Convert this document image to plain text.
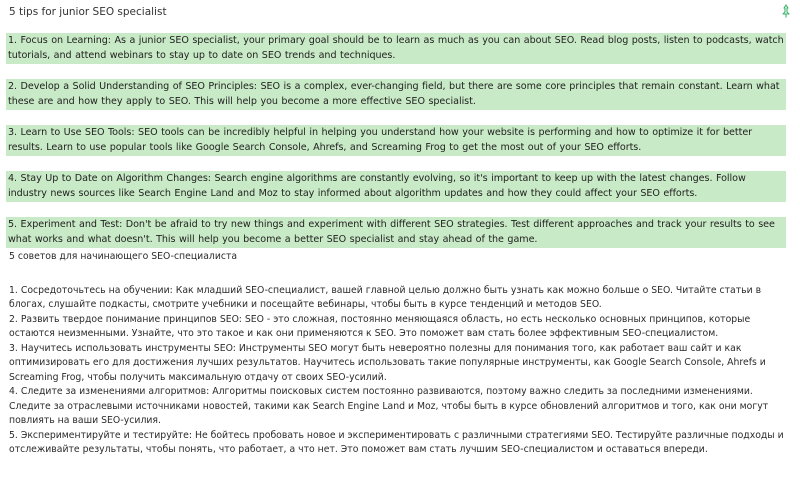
5 tips for junior SEO specialist
1. Focus on Learning: As a junior SEO specialist, your primary goal should be to learn as much as you can about SEO. Read blog posts, listen to podcasts, watch tutorials, and attend webinars to stay up to date on SEO trends and techniques.
2. Develop a Solid Understanding of SEO Principles: SEO is a complex, ever-changing field, but there are some core principles that remain constant. Learn what these are and how they apply to SEO. This will help you become a more effective SEO specialist.
3. Learn to Use SEO Tools: SEO tools can be incredibly helpful in helping you understand how your website is performing and how to optimize it for better results. Learn to use popular tools like Google Search Console, Ahrefs, and Screaming Frog to get the most out of your SEO efforts.
4. Stay Up to Date on Algorithm Changes: Search engine algorithms are constantly evolving, so it's important to keep up with the latest changes. Follow industry news sources like Search Engine Land and Moz to stay informed about algorithm updates and how they could affect your SEO efforts.
5. Experiment and Test: Don't be afraid to try new things and experiment with different SEO strategies. Test different approaches and track your results to see what works and what doesn't. This will help you become a better SEO specialist and stay ahead of the game.
5 советов для начинающего SEO-специалиста
1. Сосредоточьтесь на обучении: Как младший SEO-специалист, вашей главной целью должно быть узнать как можно больше о SEO. Читайте статьи в блогах, слушайте подкасты, смотрите учебники и посещайте вебинары, чтобы быть в курсе тенденций и методов SEO.
2. Развить твердое понимание принципов SEO: SEO - это сложная, постоянно меняющаяся область, но есть несколько основных принципов, которые остаются неизменными. Узнайте, что это такое и как они применяются к SEO. Это поможет вам стать более эффективным SEO-специалистом.
3. Научитесь использовать инструменты SEO: Инструменты SEO могут быть невероятно полезны для понимания того, как работает ваш сайт и как оптимизировать его для достижения лучших результатов. Научитесь использовать такие популярные инструменты, как Google Search Console, Ahrefs и Screaming Frog, чтобы получить максимальную отдачу от своих SEO-усилий.
4. Следите за изменениями алгоритмов: Алгоритмы поисковых систем постоянно развиваются, поэтому важно следить за последними изменениями. Следите за отраслевыми источниками новостей, такими как Search Engine Land и Moz, чтобы быть в курсе обновлений алгоритмов и того, как они могут повлиять на ваши SEO-усилия.
5. Экспериментируйте и тестируйте: Не бойтесь пробовать новое и экспериментировать с различными стратегиями SEO. Тестируйте различные подходы и отслеживайте результаты, чтобы понять, что работает, а что нет. Это поможет вам стать лучшим SEO-специалистом и оставаться впереди.
